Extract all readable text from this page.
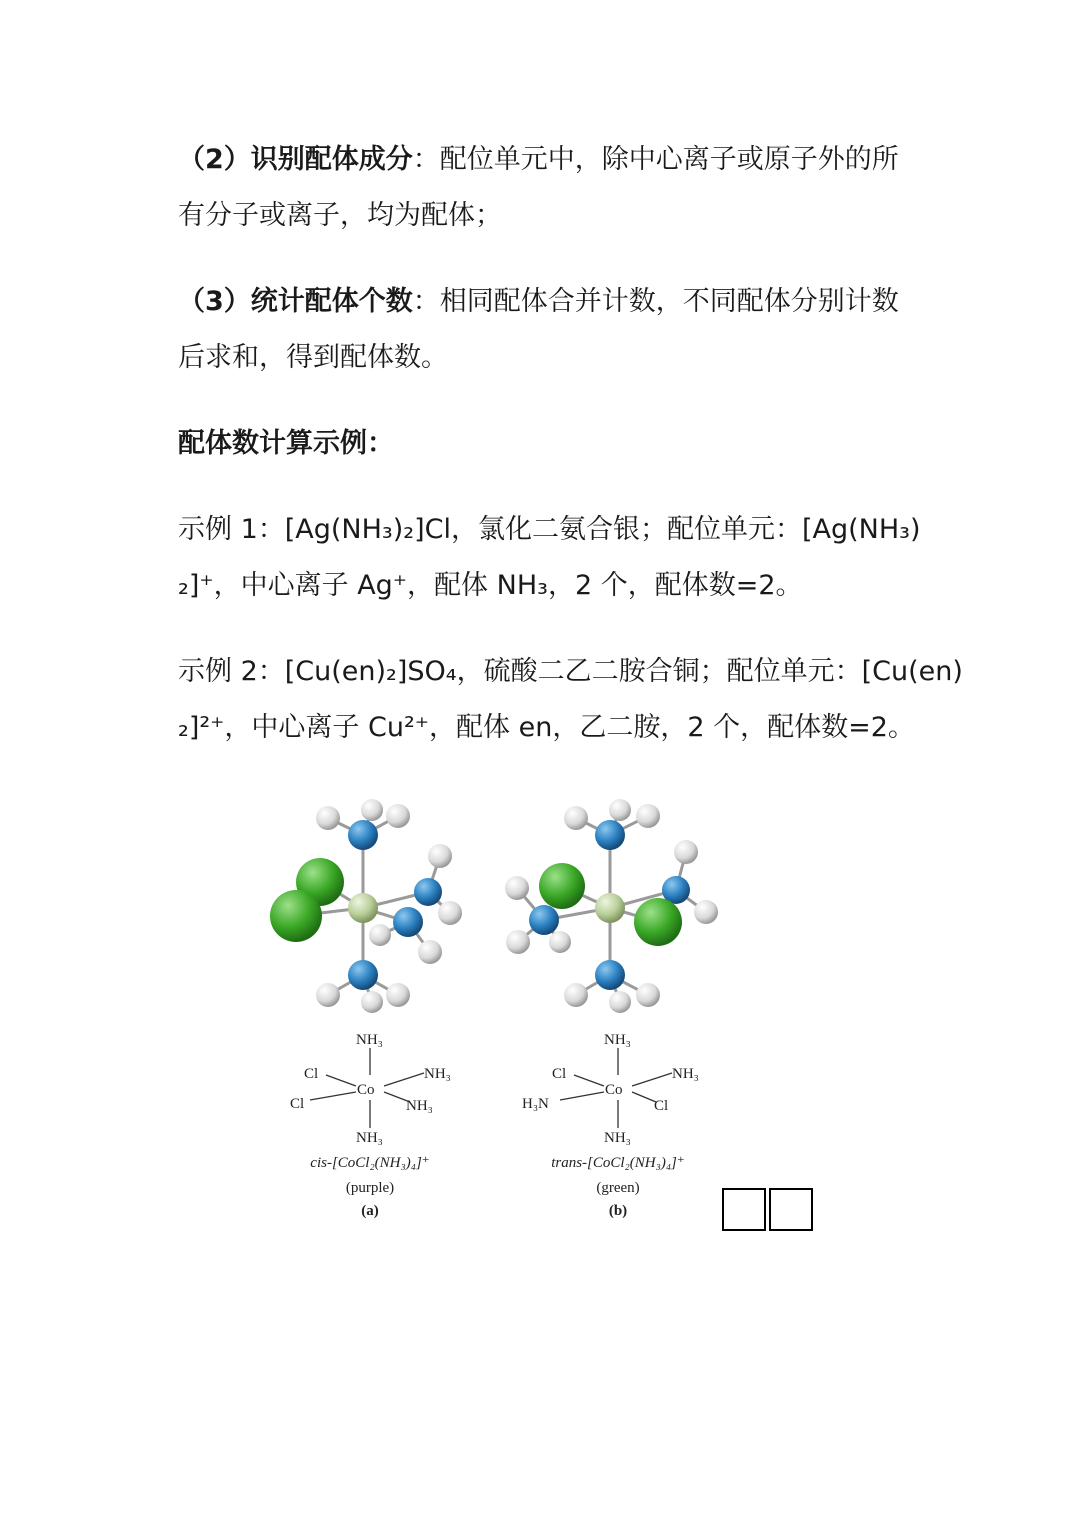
（2）识别配体成分：配位单元中，除中心离子或原子外的所
有分子或离子，均为配体；
（3）统计配体个数：相同配体合并计数，不同配体分别计数
后求和，得到配体数。
配体数计算示例：
示例 1：[Ag(NH₃)₂]Cl，氯化二氨合银；配位单元：[Ag(NH₃)
₂]⁺，中心离子 Ag⁺，配体 NH₃，2 个，配体数=2。
示例 2：[Cu(en)₂]SO₄，硫酸二乙二胺合铜；配位单元：[Cu(en)
₂]²⁺，中心离子 Cu²⁺，配体 en，乙二胺，2 个，配体数=2。
NH₃
Co
Cl
Cl
NH₃
NH₃
NH₃
cis-[CoCl₂(NH₃)₄]⁺
(purple)
(a)
NH₃
Co
Cl
H₃N
NH₃
Cl
NH₃
trans-[CoCl₂(NH₃)₄]⁺
(green)
(b)
